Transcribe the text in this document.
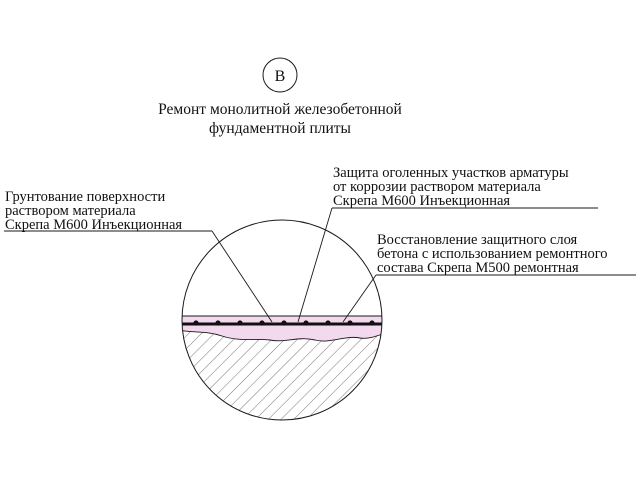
В
Ремонт монолитной железобетонной
фундаментной плиты
Грунтование поверхности
раствором материала
Скрепа М600 Инъекционная
Защита оголенных участков арматуры
от коррозии раствором материала
Скрепа М600 Инъекционная
Восстановление защитного слоя
бетона с использованием ремонтного
состава Скрепа М500 ремонтная
